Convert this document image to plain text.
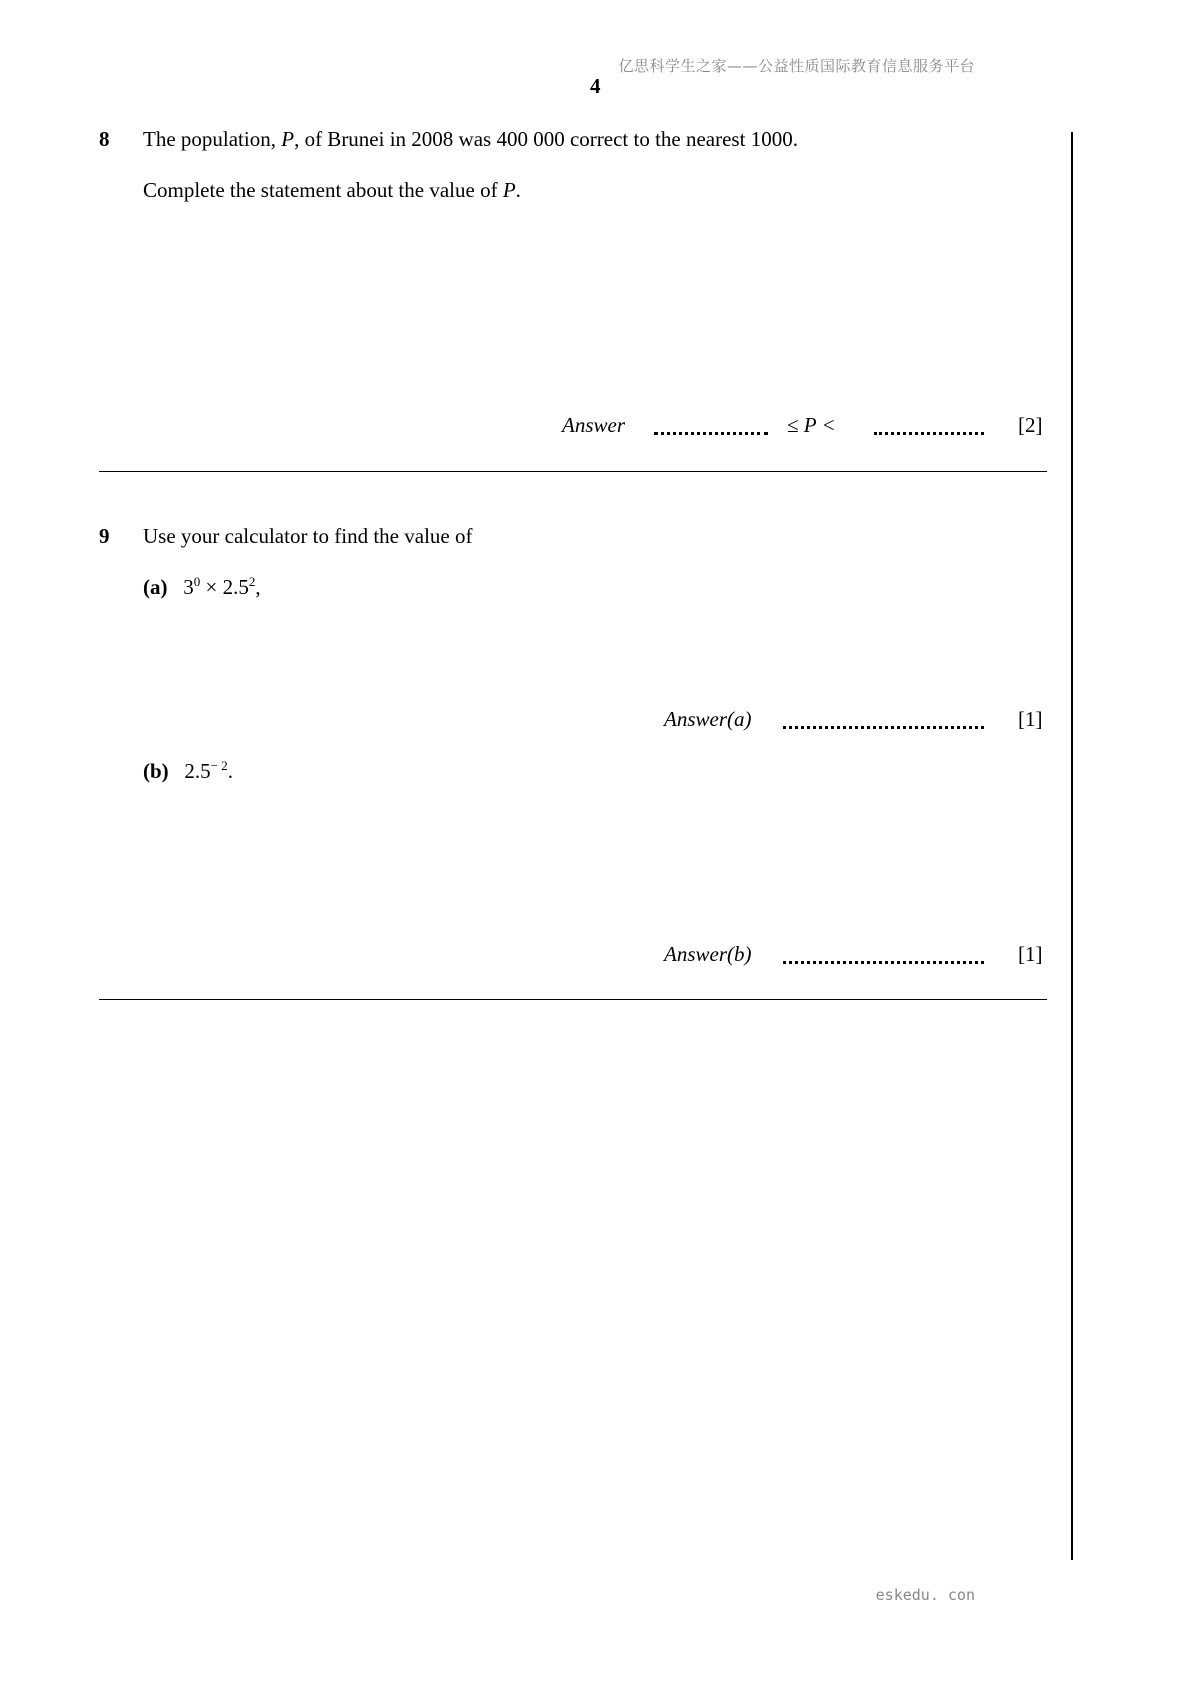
亿思科学生之家——公益性质国际教育信息服务平台
4
8 The population, P, of Brunei in 2008 was 400 000 correct to the nearest 1000.
Complete the statement about the value of P.
Answer	≤ P <	[2]
9 Use your calculator to find the value of
(a) $3^0 \times 2.5^2$,
Answer(a)	[1]
(b) $2.5^{- 2}$.
Answer(b)	[1]
eskedu. con
